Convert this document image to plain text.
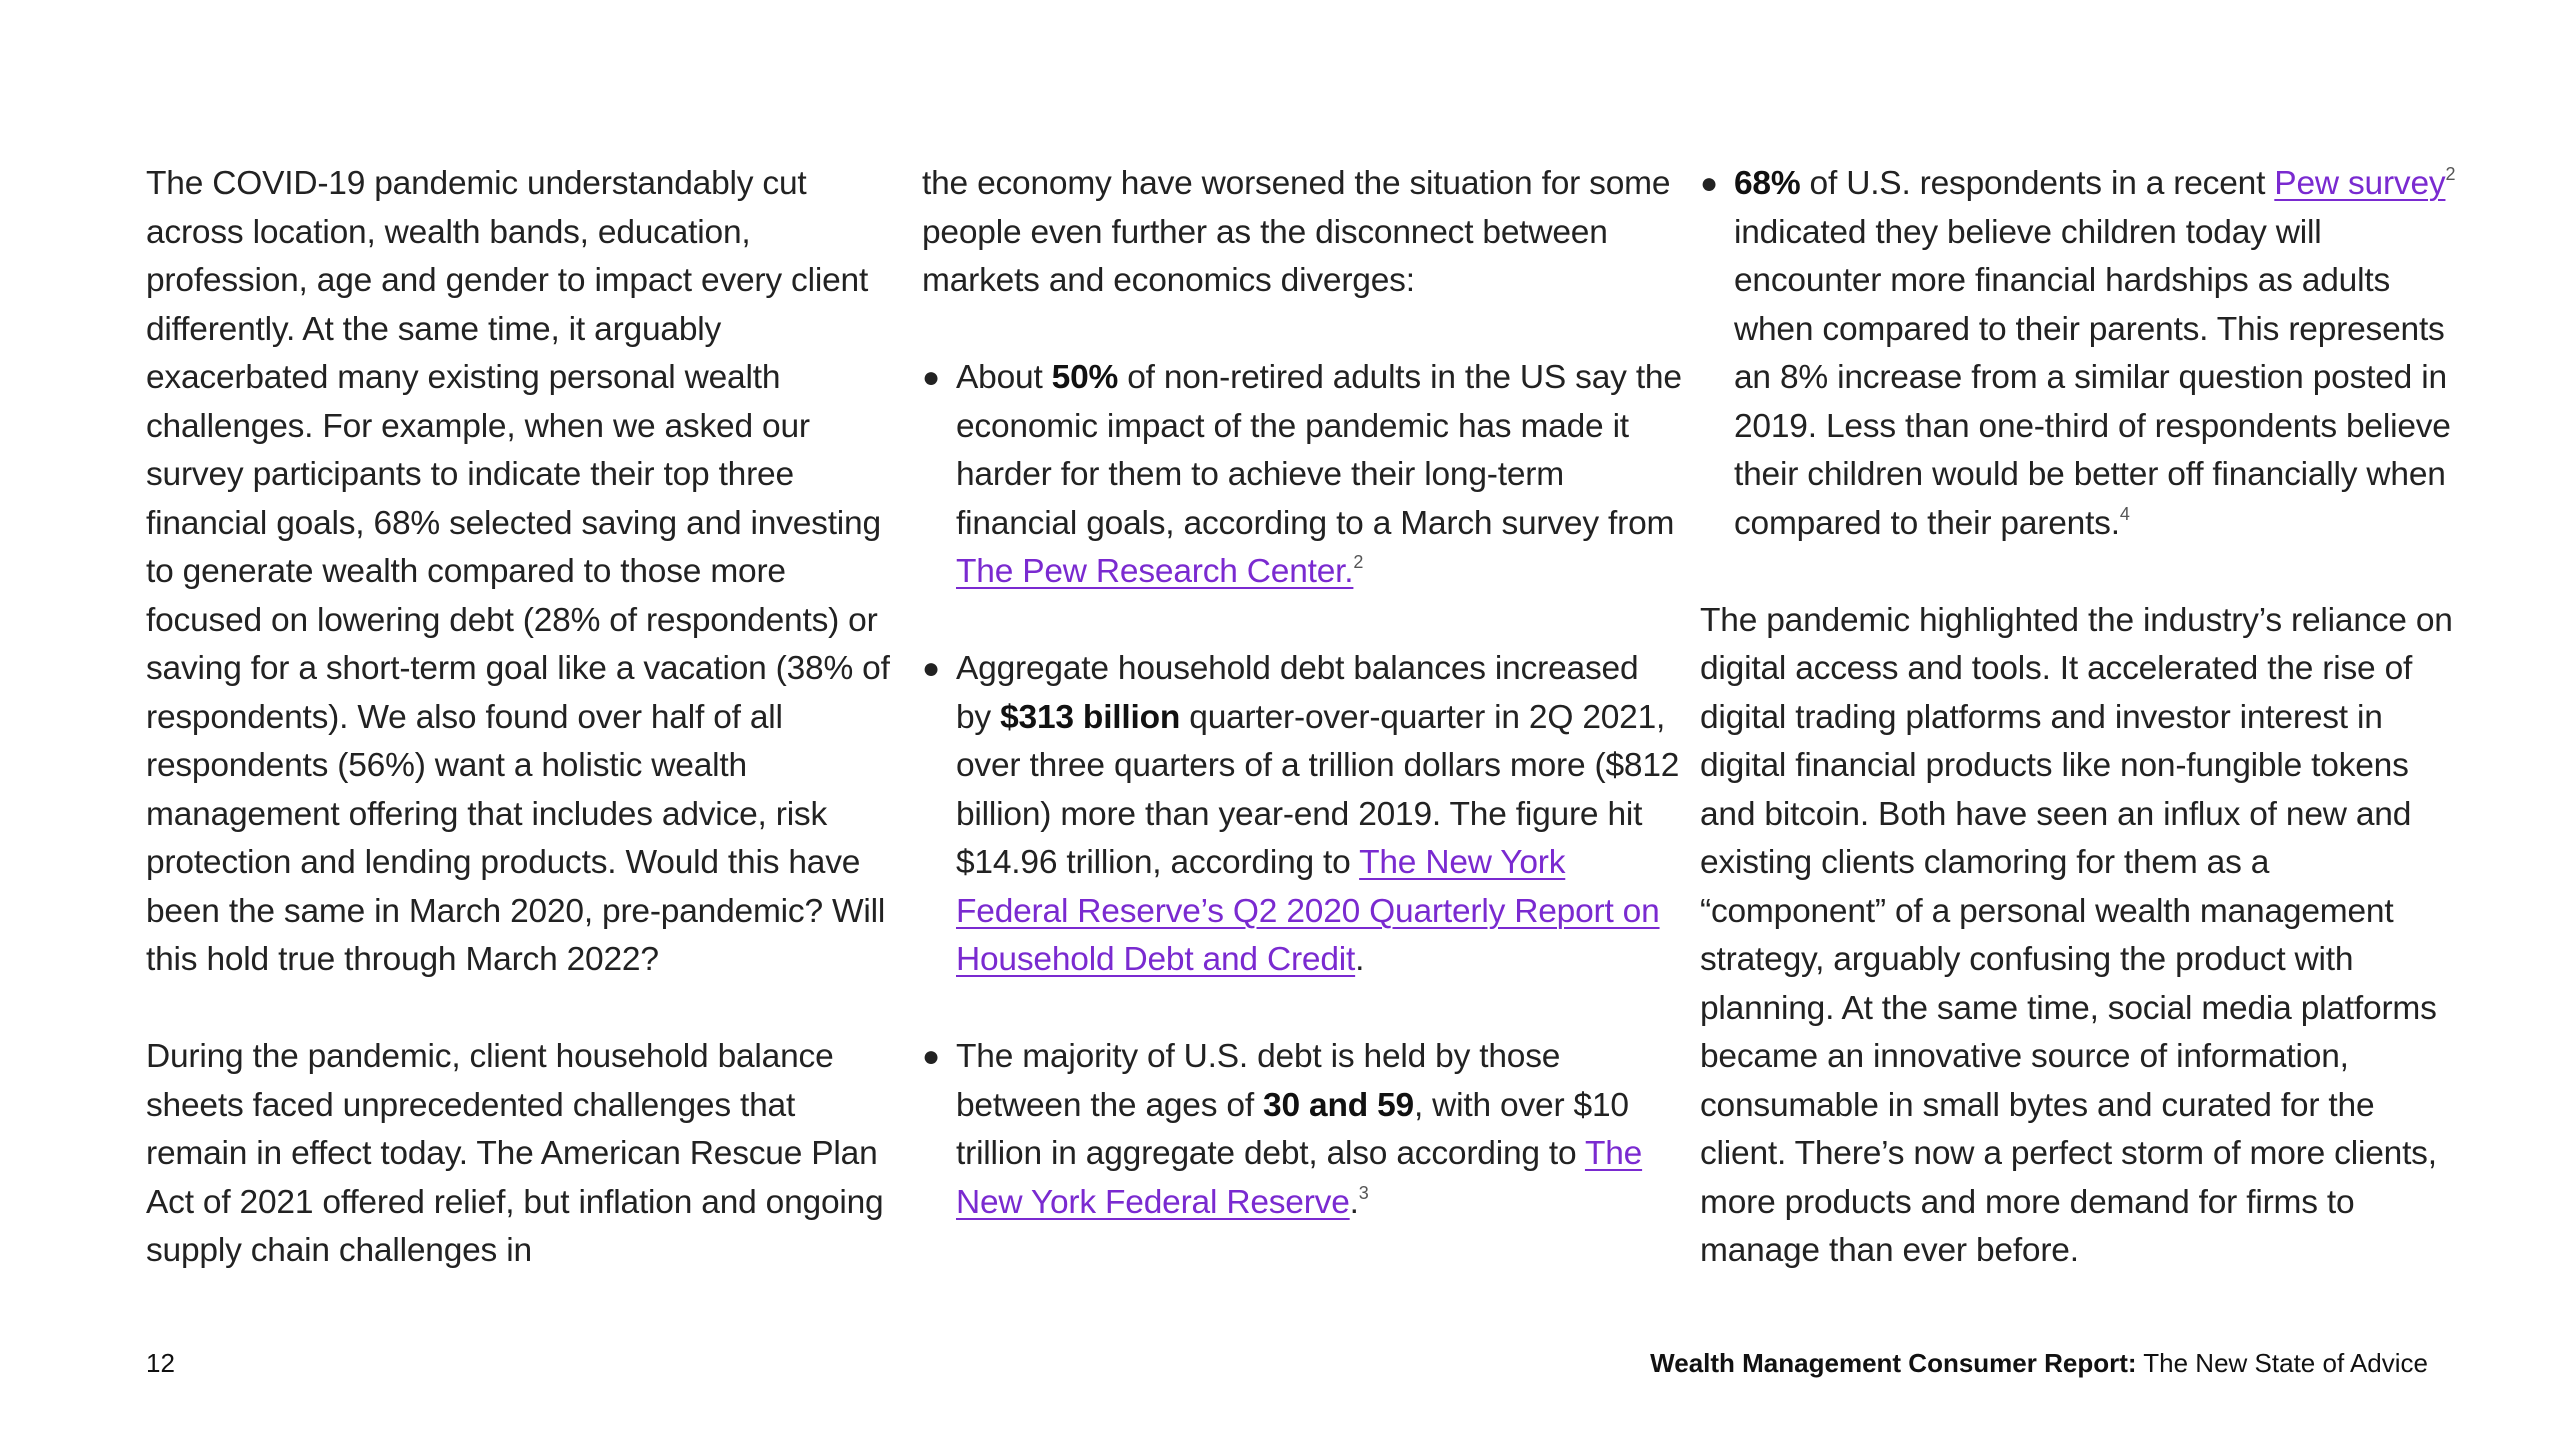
The COVID-19 pandemic understandably cut across location, wealth bands, education, profession, age and gender to impact every client differently. At the same time, it arguably exacerbated many existing personal wealth challenges. For example, when we asked our survey participants to indicate their top three financial goals, 68% selected saving and investing to generate wealth compared to those more focused on lowering debt (28% of respondents) or saving for a short-term goal like a vacation (38% of respondents). We also found over half of all respondents (56%) want a holistic wealth management offering that includes advice, risk protection and lending products. Would this have been the same in March 2020, pre-pandemic? Will this hold true through March 2022?

During the pandemic, client household balance sheets faced unprecedented challenges that remain in effect today. The American Rescue Plan Act of 2021 offered relief, but inflation and ongoing supply chain challenges in

the economy have worsened the situation for some people even further as the disconnect between markets and economics diverges:

● About 50% of non-retired adults in the US say the economic impact of the pandemic has made it harder for them to achieve their long-term financial goals, according to a March survey from The Pew Research Center.$^2$
● Aggregate household debt balances increased by $313 billion quarter-over-quarter in 2Q 2021, over three quarters of a trillion dollars more ($812 billion) more than year-end 2019. The figure hit $14.96 trillion, according to The New York Federal Reserve’s Q2 2020 Quarterly Report on Household Debt and Credit.
● The majority of U.S. debt is held by those between the ages of 30 and 59, with over $10 trillion in aggregate debt, also according to The New York Federal Reserve.$^3$
● 68% of U.S. respondents in a recent Pew survey$^2$ indicated they believe children today will encounter more financial hardships as adults when compared to their parents. This represents an 8% increase from a similar question posted in 2019. Less than one-third of respondents believe their children would be better off financially when compared to their parents.$^4$

The pandemic highlighted the industry’s reliance on digital access and tools. It accelerated the rise of digital trading platforms and investor interest in digital financial products like non-fungible tokens and bitcoin. Both have seen an influx of new and existing clients clamoring for them as a “component” of a personal wealth management strategy, arguably confusing the product with planning. At the same time, social media platforms became an innovative source of information, consumable in small bytes and curated for the client. There’s now a perfect storm of more clients, more products and more demand for firms to manage than ever before.

12	Wealth Management Consumer Report: The New State of Advice
